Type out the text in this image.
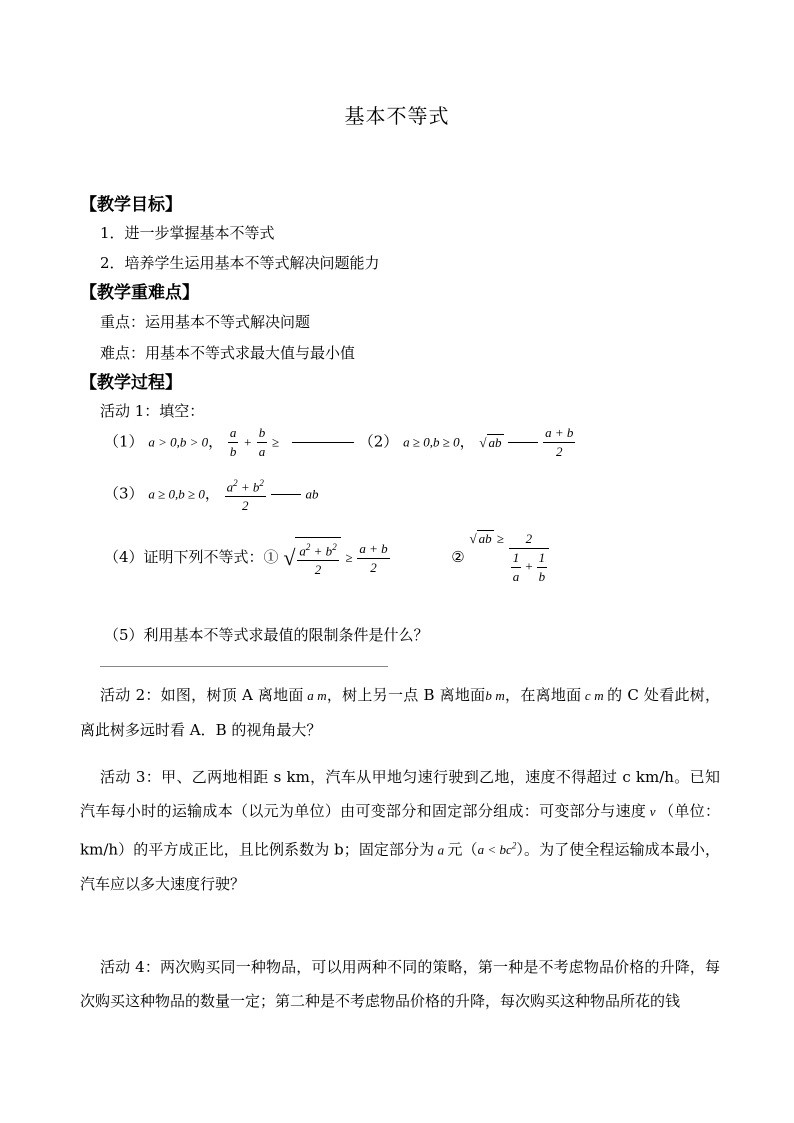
基本不等式
【教学目标】
1．进一步掌握基本不等式
2．培养学生运用基本不等式解决问题能力
【教学重难点】
重点：运用基本不等式解决问题
难点：用基本不等式求最大值与最小值
【教学过程】
活动 1：填空：
（1） a > 0,b > 0， $\frac{a}{b} + \frac{b}{a}$ ≥	（2） a ≥ 0,b ≥ 0， √ ab	$\frac{a + b}{2}$
（3） a ≥ 0,b ≥ 0， $\frac{a^2 + b^2}{2}$	ab
（4）证明下列不等式：① √ $\frac{a^2 + b^2}{2} \ge \frac{a + b}{2}$	② √ ab ≥ $\frac{2}{\frac{1}{a} + \frac{1}{b}}$
（5）利用基本不等式求最值的限制条件是什么？
活动 2：如图，树顶 A 离地面 a m，树上另一点 B 离地面b m，在离地面 c m 的 C 处看此树，离此树多远时看 A．B 的视角最大？
活动 3：甲、乙两地相距 s km，汽车从甲地匀速行驶到乙地，速度不得超过 c km/h。已知汽车每小时的运输成本（以元为单位）由可变部分和固定部分组成：可变部分与速度 v （单位：km/h）的平方成正比，且比例系数为 b；固定部分为 a 元$(a < bc^2)$。为了使全程运输成本最小，汽车应以多大速度行驶？
活动 4：两次购买同一种物品，可以用两种不同的策略，第一种是不考虑物品价格的升降，每次购买这种物品的数量一定；第二种是不考虑物品价格的升降，每次购买这种物品所花的钱
